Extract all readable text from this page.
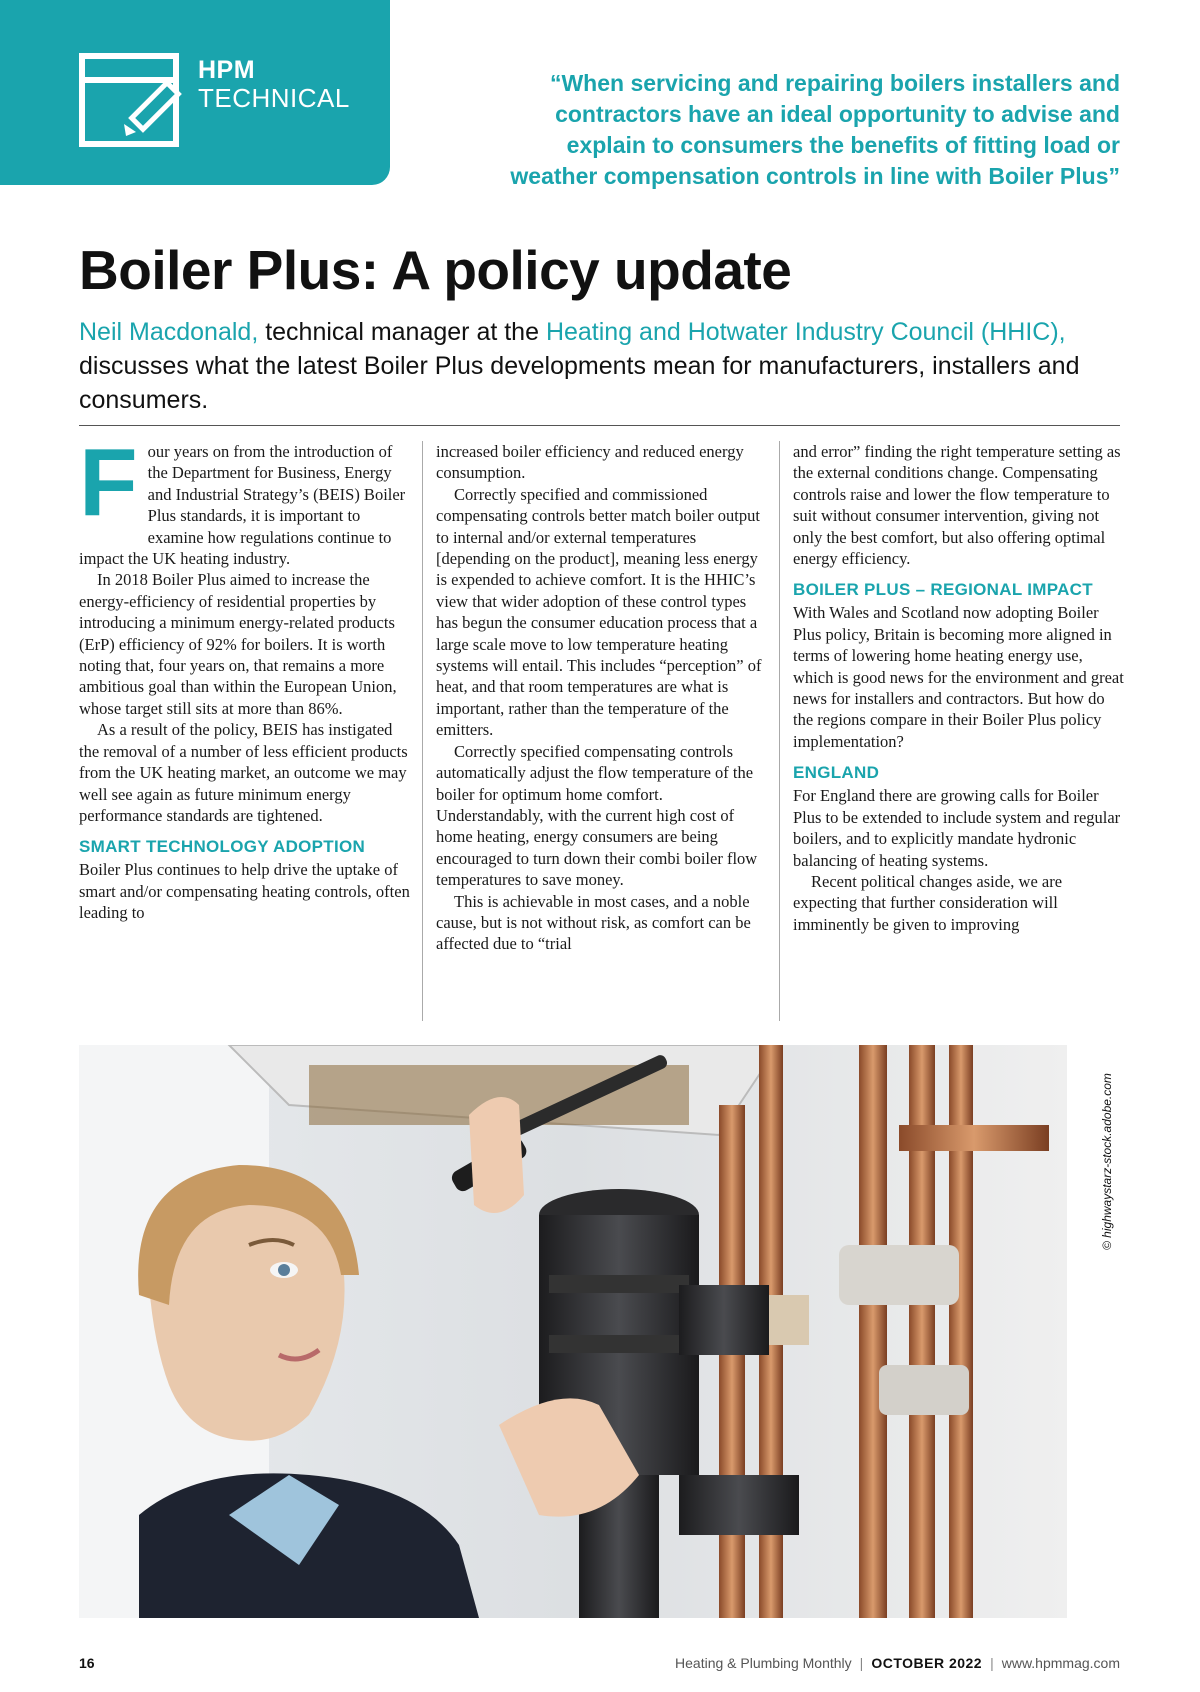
HPM
TECHNICAL	“When servicing and repairing boilers installers and contractors have an ideal opportunity to advise and explain to consumers the benefits of fitting load or weather compensation controls in line with Boiler Plus”
Boiler Plus: A policy update

Neil Macdonald, technical manager at the Heating and Hotwater Industry Council (HHIC), discusses what the latest Boiler Plus developments mean for manufacturers, installers and consumers.

F our years on from the introduction of the Department for Business, Energy and Industrial Strategy’s (BEIS) Boiler Plus standards, it is important to examine how regulations continue to impact the UK heating industry.

In 2018 Boiler Plus aimed to increase the energy-efficiency of residential properties by introducing a minimum energy-related products (ErP) efficiency of 92% for boilers. It is worth noting that, four years on, that remains a more ambitious goal than within the European Union, whose target still sits at more than 86%.

As a result of the policy, BEIS has instigated the removal of a number of less efficient products from the UK heating market, an outcome we may well see again as future minimum energy performance standards are tightened.

SMART TECHNOLOGY ADOPTION

Boiler Plus continues to help drive the uptake of smart and/or compensating heating controls, often leading to

increased boiler efficiency and reduced energy consumption.

Correctly specified and commissioned compensating controls better match boiler output to internal and/or external temperatures [depending on the product], meaning less energy is expended to achieve comfort. It is the HHIC’s view that wider adoption of these control types has begun the consumer education process that a large scale move to low temperature heating systems will entail. This includes “perception” of heat, and that room temperatures are what is important, rather than the temperature of the emitters.

Correctly specified compensating controls automatically adjust the flow temperature of the boiler for optimum home comfort. Understandably, with the current high cost of home heating, energy consumers are being encouraged to turn down their combi boiler flow temperatures to save money.

This is achievable in most cases, and a noble cause, but is not without risk, as comfort can be affected due to “trial

and error” finding the right temperature setting as the external conditions change. Compensating controls raise and lower the flow temperature to suit without consumer intervention, giving not only the best comfort, but also offering optimal energy efficiency.

BOILER PLUS – REGIONAL IMPACT

With Wales and Scotland now adopting Boiler Plus policy, Britain is becoming more aligned in terms of lowering home heating energy use, which is good news for the environment and great news for installers and contractors. But how do the regions compare in their Boiler Plus policy implementation?

ENGLAND

For England there are growing calls for Boiler Plus to be extended to include system and regular boilers, and to explicitly mandate hydronic balancing of heating systems.

Recent political changes aside, we are expecting that further consideration will imminently be given to improving

© highwaystarz-stock.adobe.com
16	Heating & Plumbing Monthly | OCTOBER 2022 | www.hpmmag.com
